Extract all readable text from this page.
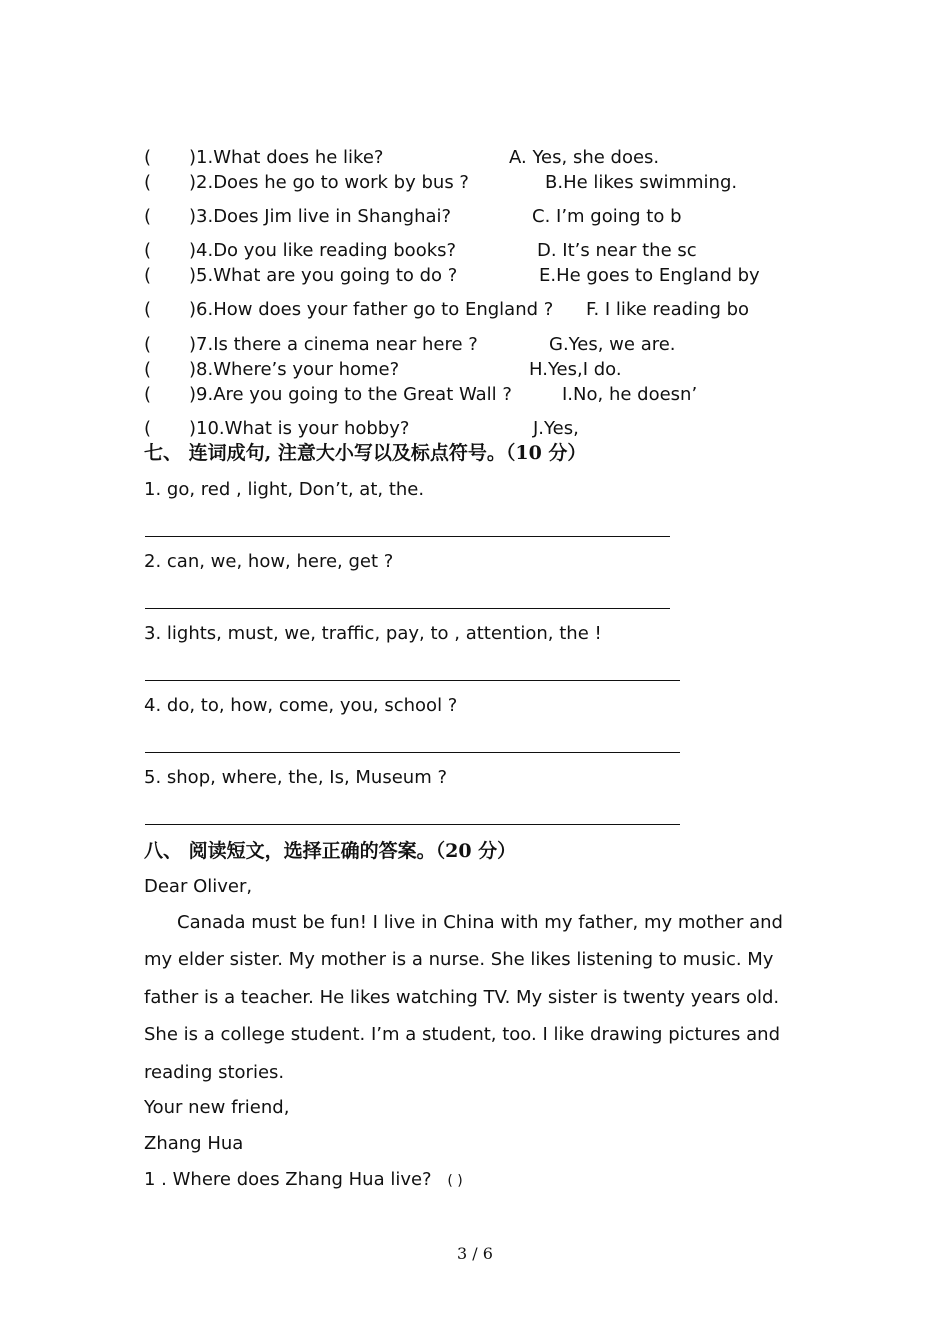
( )1.What does he like?	A. Yes, she does.
( )2.Does he go to work by bus ?	B.He likes swimming.
( )3.Does Jim live in Shanghai?	C. I’m going to b
( )4.Do you like reading books?	D. It’s near the sc
( )5.What are you going to do ?	E.He goes to England by
( )6.How does your father go to England ? F. I like reading bo
( )7.Is there a cinema near here ?	G.Yes, we are.
( )8.Where’s your home?	H.Yes,I do.
( )9.Are you going to the Great Wall ?	I.No, he doesn’
( )10.What is your hobby?	J.Yes,
七、 连词成句, 注意大小写以及标点符号。（10 分）
1. go, red , light, Don’t, at, the.
2. can, we, how, here, get ?
3. lights, must, we, traffic, pay, to , attention, the !
4. do, to, how, come, you, school ?
5. shop, where, the, Is, Museum ?
八、 阅读短文，选择正确的答案。（20 分）
Dear Oliver,
Canada must be fun! I live in China with my father, my mother and my elder sister. My mother is a nurse. She likes listening to music. My father is a teacher. He likes watching TV. My sister is twenty years old. She is a college student. I’m a student, too. I like drawing pictures and reading stories.
Your new friend,
Zhang Hua
1 . Where does Zhang Hua live? ( )
3 / 6
